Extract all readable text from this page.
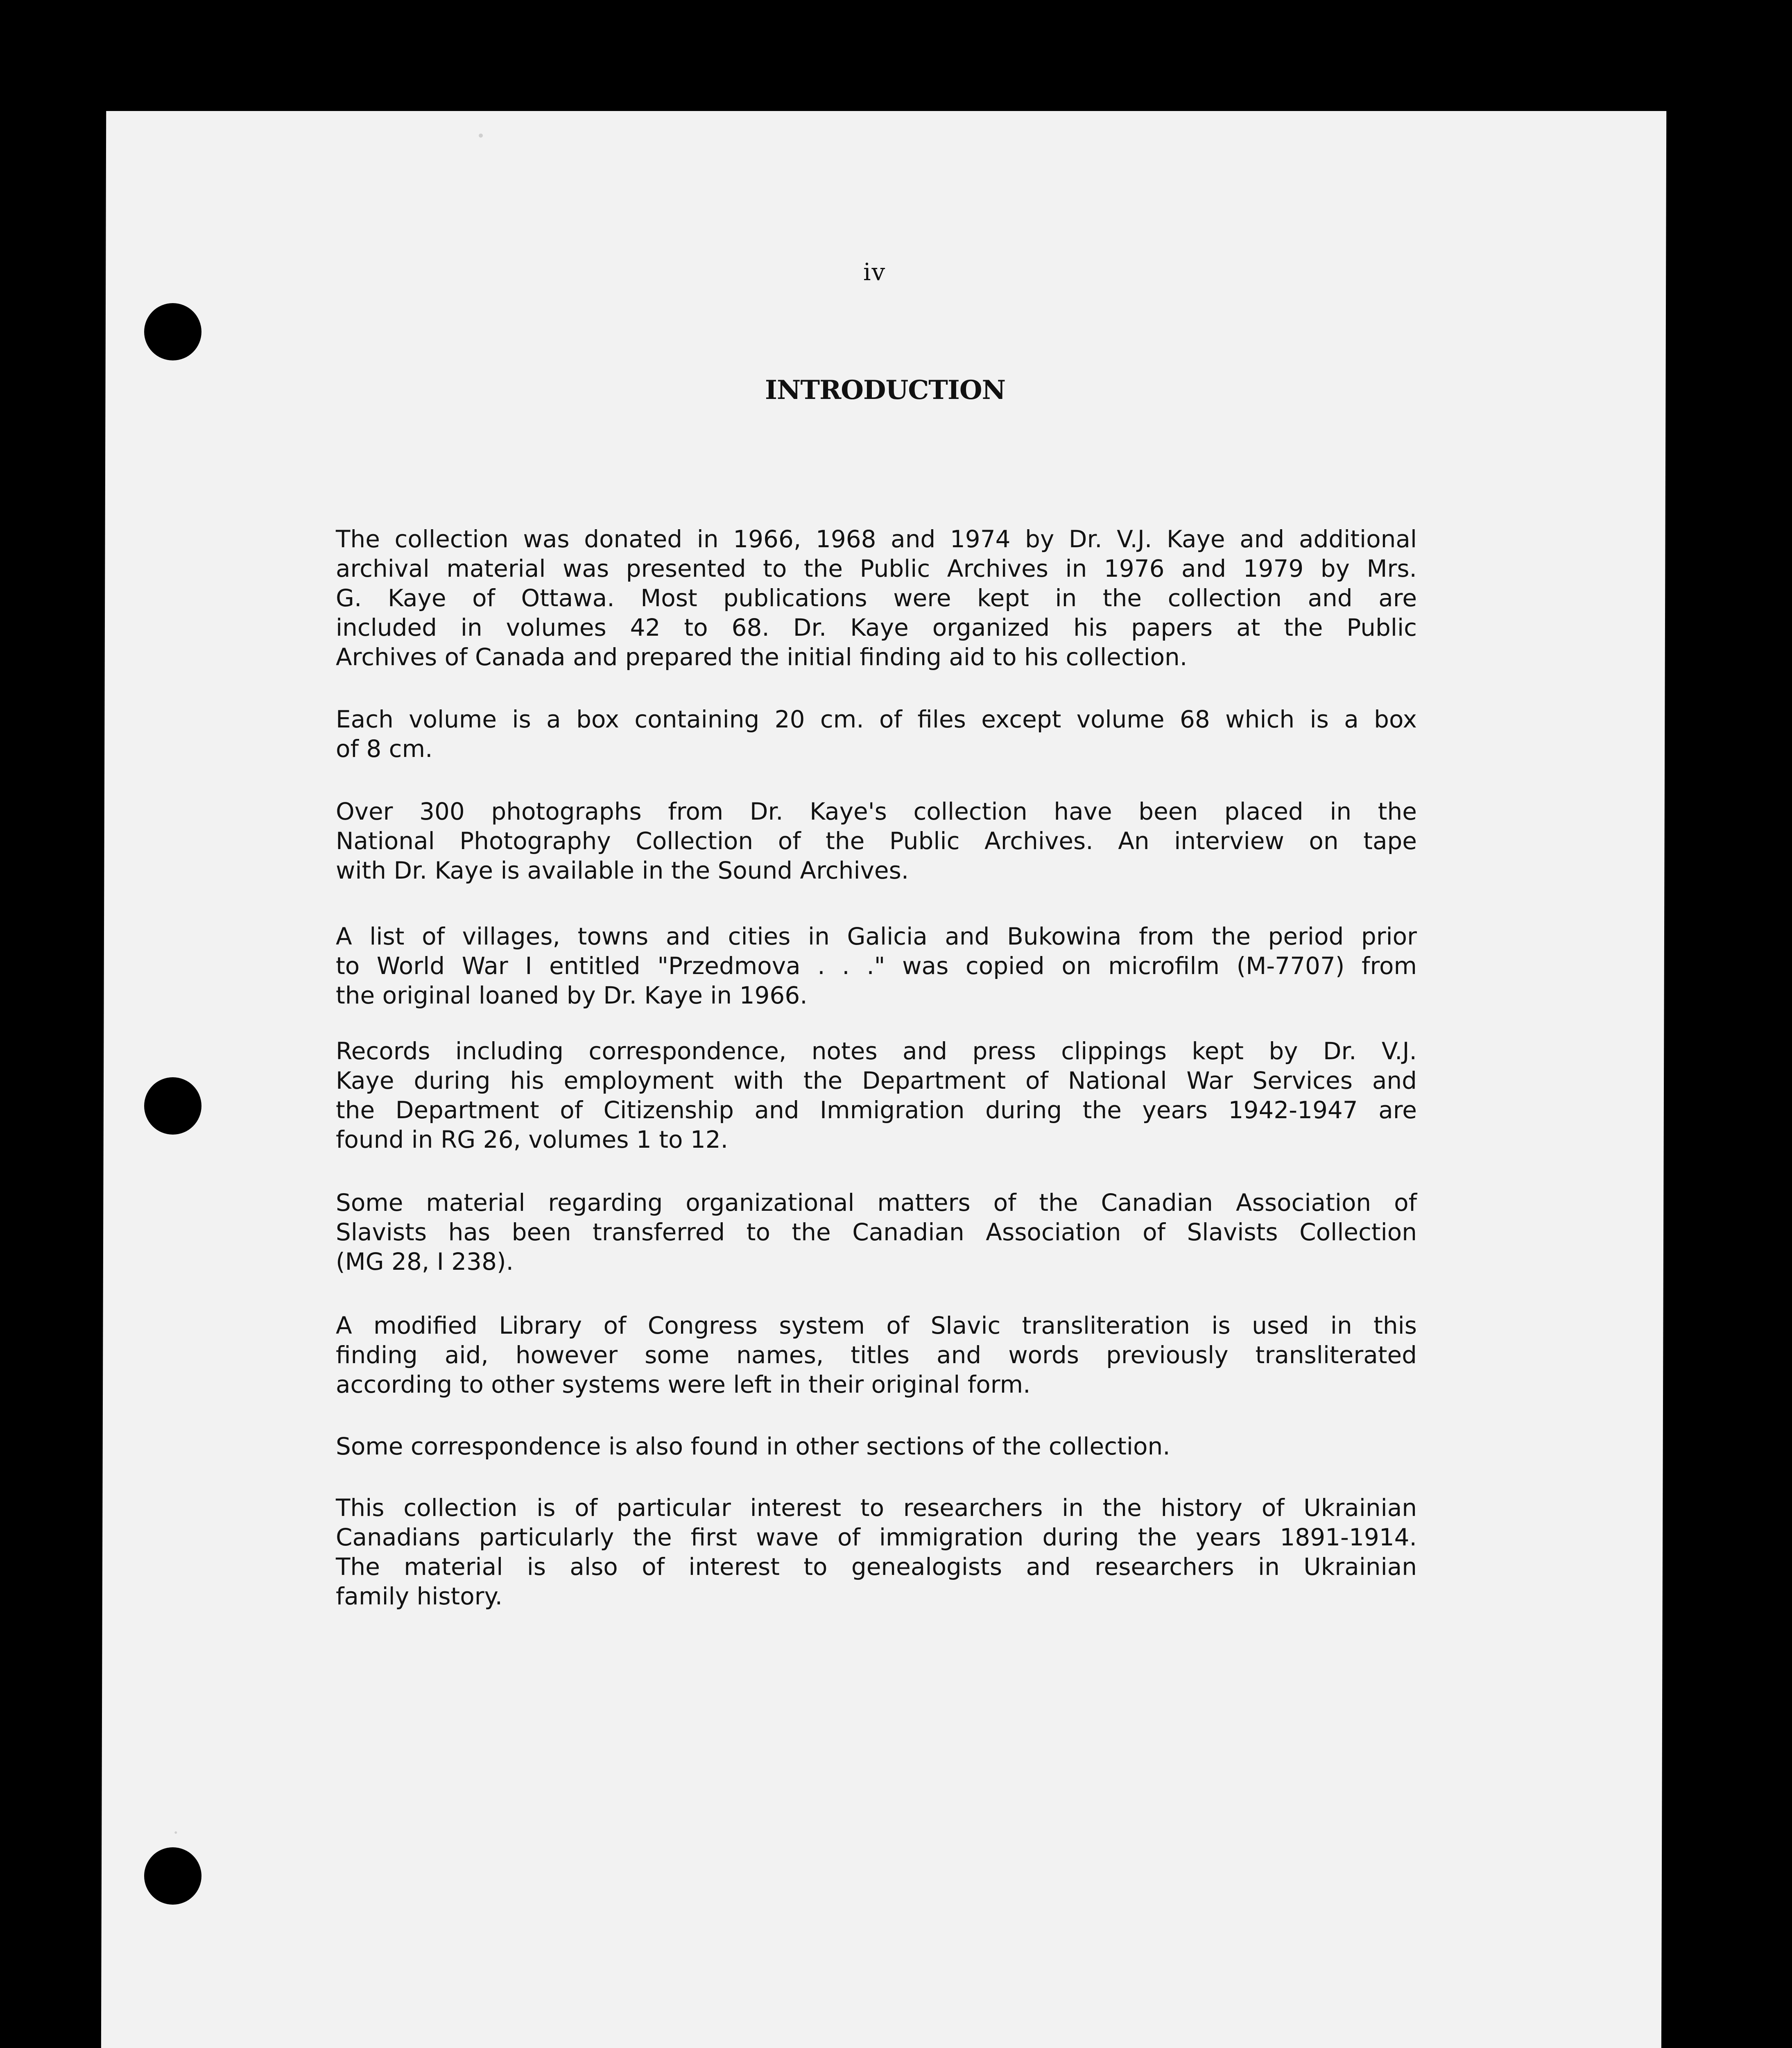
iv
INTRODUCTION
The collection was donated in 1966, 1968 and 1974 by Dr. V.J. Kaye and additional
archival material was presented to the Public Archives in 1976 and 1979 by Mrs.
G. Kaye of Ottawa. Most publications were kept in the collection and are
included in volumes 42 to 68. Dr. Kaye organized his papers at the Public
Archives of Canada and prepared the initial finding aid to his collection.
Each volume is a box containing 20 cm. of files except volume 68 which is a box
of 8 cm.
Over 300 photographs from Dr. Kaye's collection have been placed in the
National Photography Collection of the Public Archives. An interview on tape
with Dr. Kaye is available in the Sound Archives.
A list of villages, towns and cities in Galicia and Bukowina from the period prior
to World War I entitled "Przedmova . . ." was copied on microfilm (M-7707) from
the original loaned by Dr. Kaye in 1966.
Records including correspondence, notes and press clippings kept by Dr. V.J.
Kaye during his employment with the Department of National War Services and
the Department of Citizenship and Immigration during the years 1942-1947 are
found in RG 26, volumes 1 to 12.
Some material regarding organizational matters of the Canadian Association of
Slavists has been transferred to the Canadian Association of Slavists Collection
(MG 28, I 238).
A modified Library of Congress system of Slavic transliteration is used in this
finding aid, however some names, titles and words previously transliterated
according to other systems were left in their original form.
Some correspondence is also found in other sections of the collection.
This collection is of particular interest to researchers in the history of Ukrainian
Canadians particularly the first wave of immigration during the years 1891-1914.
The material is also of interest to genealogists and researchers in Ukrainian
family history.
